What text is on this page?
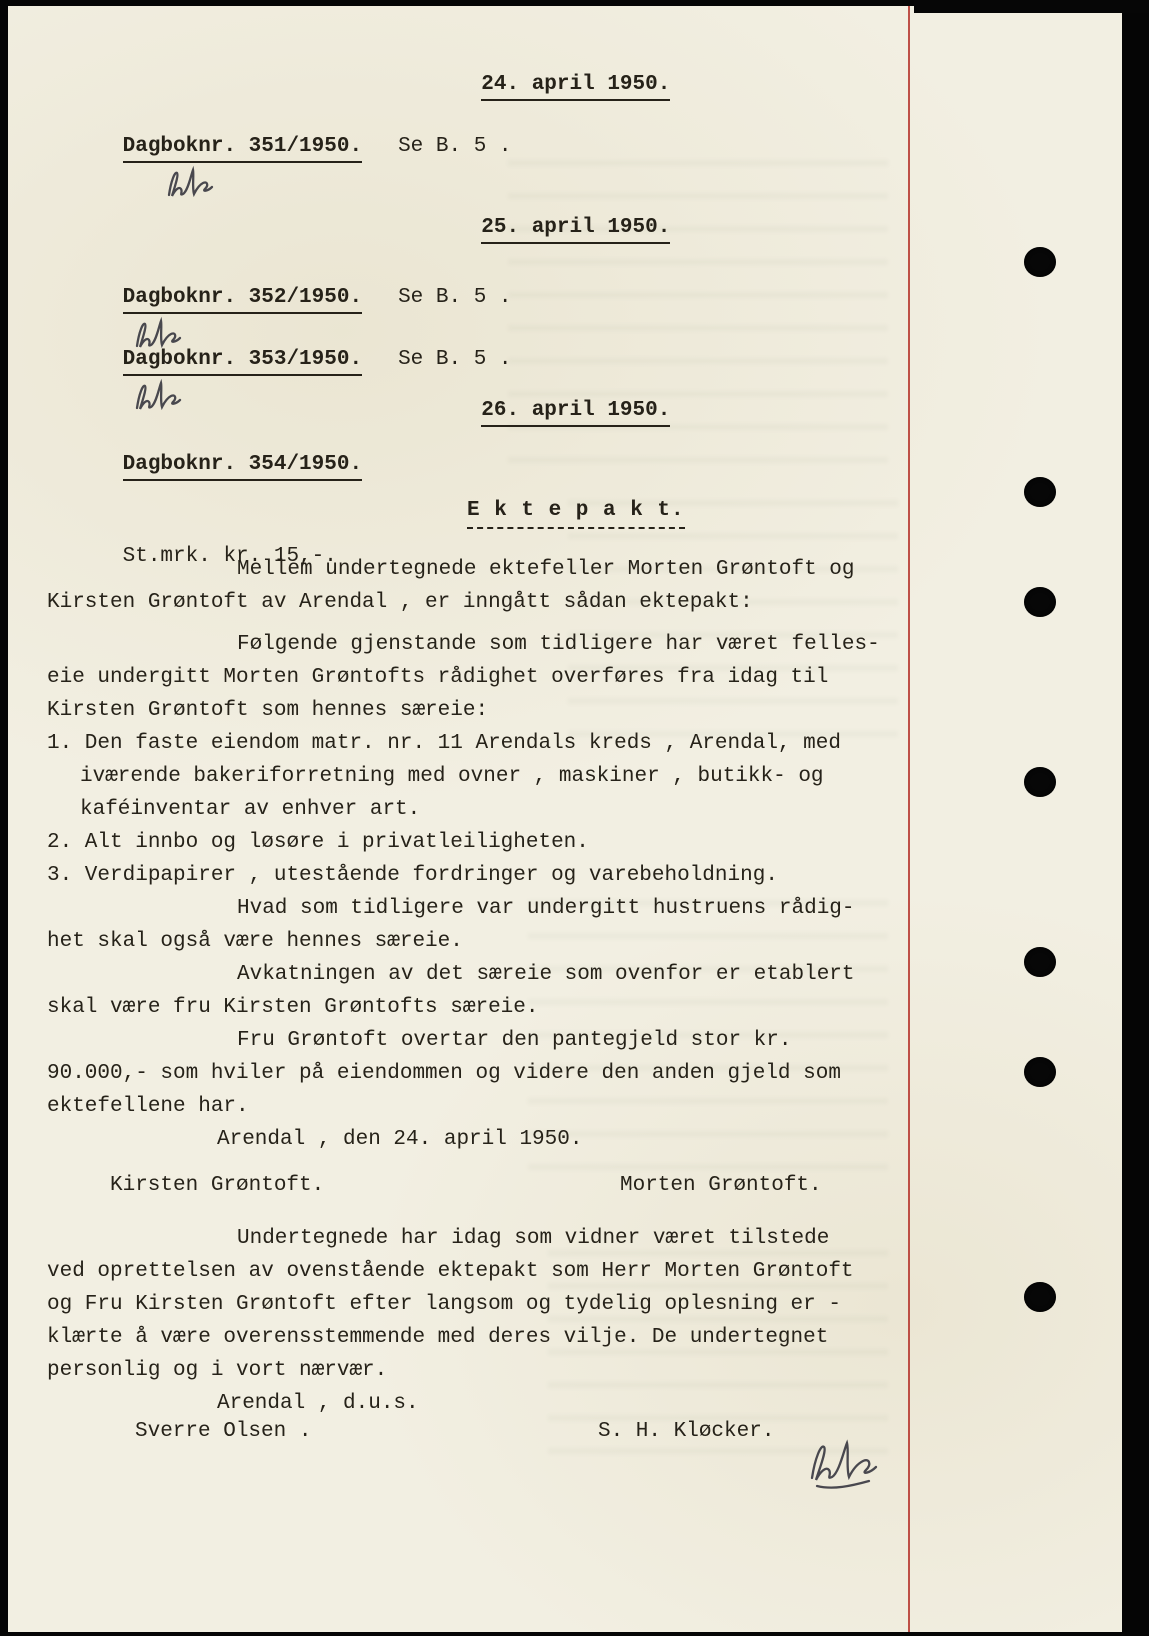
24. april 1950.

Dagboknr. 351/1950. Se B. 5 .

25. april 1950.

Dagboknr. 352/1950. Se B. 5 .

Dagboknr. 353/1950. Se B. 5 .

26. april 1950.

Dagboknr. 354/1950.

E k t e p a k t.

St.mrk. kr. 15,-.

Mellem undertegnede ektefeller Morten Grøntoft og
Kirsten Grøntoft av Arendal , er inngått sådan ektepakt:
Følgende gjenstande som tidligere har været felles-
eie undergitt Morten Grøntofts rådighet overføres fra idag til
Kirsten Grøntoft som hennes særeie:
1. Den faste eiendom matr. nr. 11 Arendals kreds , Arendal, med
iværende bakeriforretning med ovner , maskiner , butikk- og
kaféinventar av enhver art.
2. Alt innbo og løsøre i privatleiligheten.
3. Verdipapirer , utestående fordringer og varebeholdning.
Hvad som tidligere var undergitt hustruens rådig-
het skal også være hennes særeie.
Avkatningen av det særeie som ovenfor er etablert
skal være fru Kirsten Grøntofts særeie.
Fru Grøntoft overtar den pantegjeld stor kr.
90.000,- som hviler på eiendommen og videre den anden gjeld som
ektefellene har.
Arendal , den 24. april 1950.
Kirsten Grøntoft.	Morten Grøntoft.
Undertegnede har idag som vidner været tilstede
ved oprettelsen av ovenstående ektepakt som Herr Morten Grøntoft
og Fru Kirsten Grøntoft efter langsom og tydelig oplesning er -
klærte å være overensstemmende med deres vilje. De undertegnet
personlig og i vort nærvær.
Arendal , d.u.s.
Sverre Olsen .	S. H. Kløcker.
